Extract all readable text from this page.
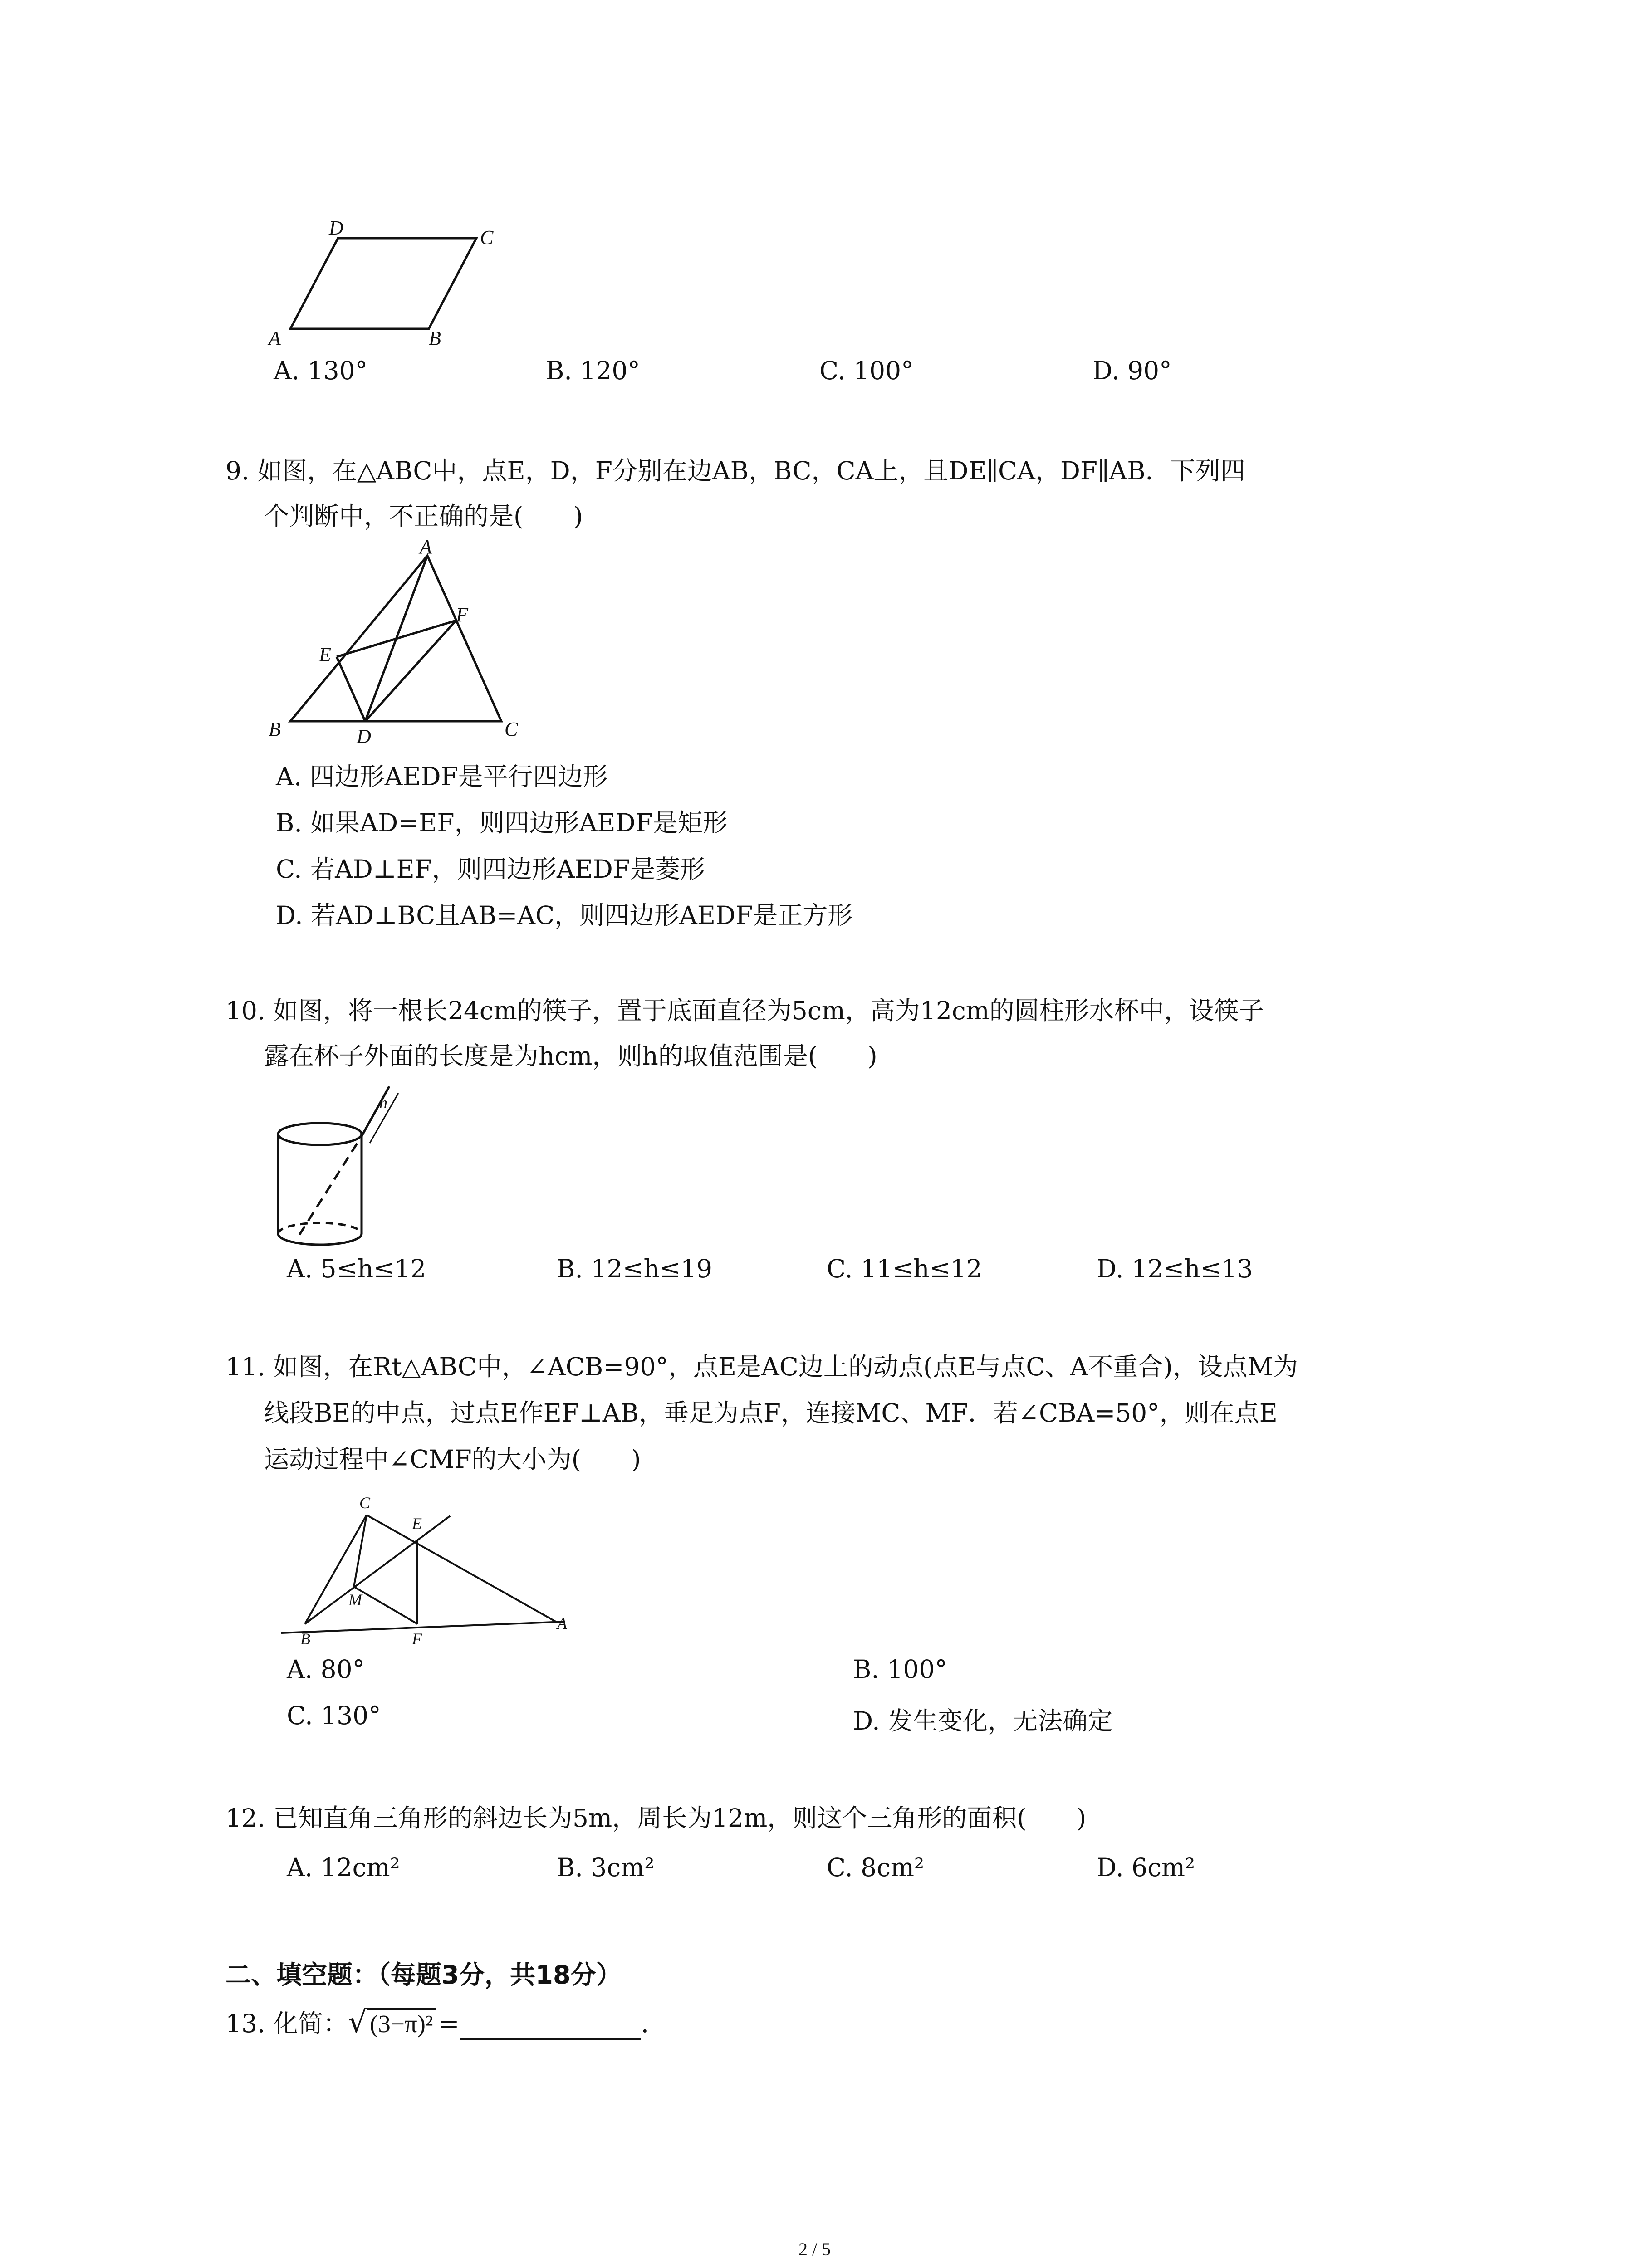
A	B
C
D
A. 130°	B. 120°	C. 100°	D. 90°
9. 如图，在△ABC中，点E，D，F分别在边AB，BC，CA上，且DE∥CA，DF∥AB．下列四
个判断中，不正确的是(　　)
A
B	C
D
E
F
A. 四边形AEDF是平行四边形
B. 如果AD=EF，则四边形AEDF是矩形
C. 若AD⊥EF，则四边形AEDF是菱形
D. 若AD⊥BC且AB=AC，则四边形AEDF是正方形
10. 如图，将一根长24cm的筷子，置于底面直径为5cm，高为12cm的圆柱形水杯中，设筷子
露在杯子外面的长度是为hcm，则h的取值范围是(　　)
h
A. 5≤h≤12	B. 12≤h≤19	C. 11≤h≤12	D. 12≤h≤13
11. 如图，在Rt△ABC中，∠ACB=90°，点E是AC边上的动点(点E与点C、A不重合)，设点M为
线段BE的中点，过点E作EF⊥AB，垂足为点F，连接MC、MF．若∠CBA=50°，则在点E
运动过程中∠CMF的大小为(　　)
C
E
M
B	F
A
A. 80°	B. 100°
C. 130°	D. 发生变化，无法确定
12. 已知直角三角形的斜边长为5m，周长为12m，则这个三角形的面积(　　)
A. 12cm²	B. 3cm²	C. 8cm²	D. 6cm²
二、填空题：（每题3分，共18分）
13. 化简：√ (3−π)² =	.
2 / 5
